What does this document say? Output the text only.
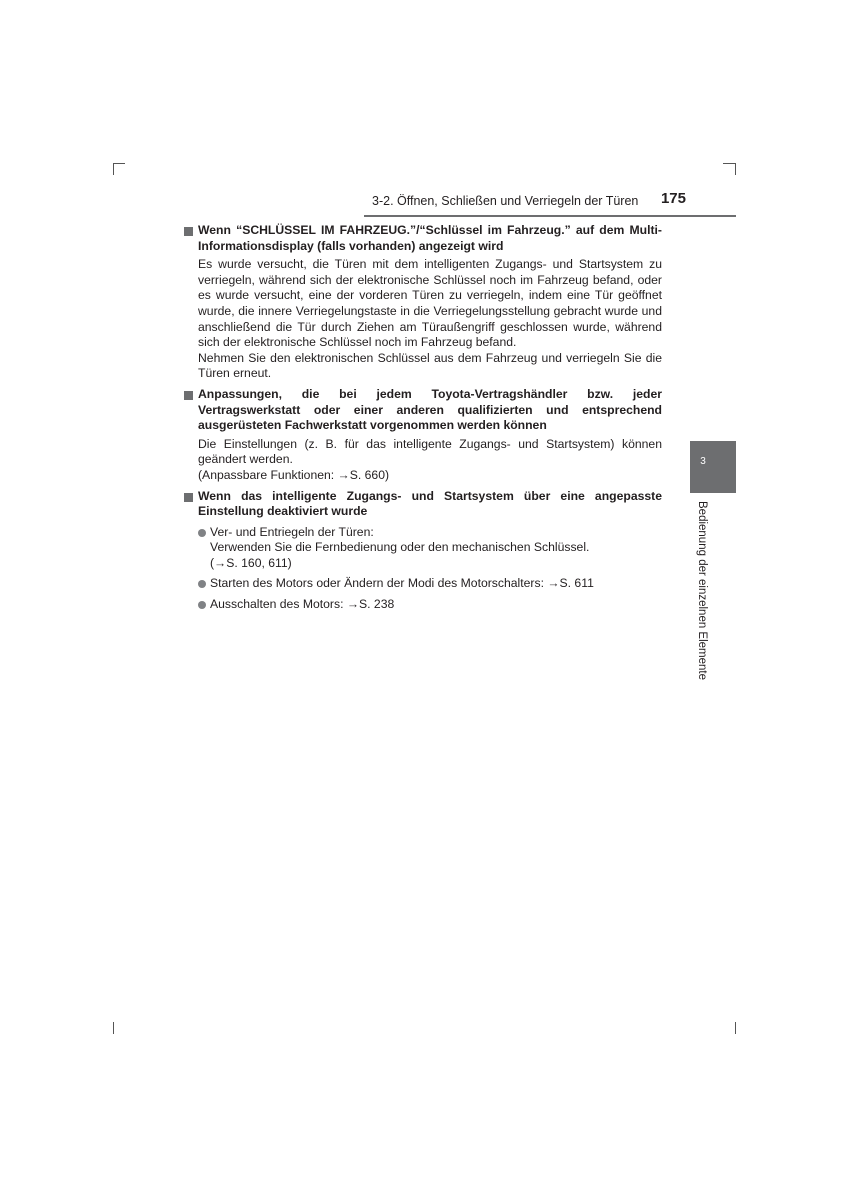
3-2. Öffnen, Schließen und Verriegeln der Türen	175
3
Bedienung der einzelnen Elemente

Wenn “SCHLÜSSEL IM FAHRZEUG.”/“Schlüssel im Fahrzeug.” auf dem Multi-Informationsdisplay (falls vorhanden) angezeigt wird

Es wurde versucht, die Türen mit dem intelligenten Zugangs- und Startsystem zu verriegeln, während sich der elektronische Schlüssel noch im Fahrzeug befand, oder es wurde versucht, eine der vorderen Türen zu verriegeln, indem eine Tür geöffnet wurde, die innere Verriegelungstaste in die Verriegelungsstellung gebracht wurde und anschließend die Tür durch Ziehen am Türaußengriff geschlossen wurde, während sich der elektronische Schlüssel noch im Fahrzeug befand.

Nehmen Sie den elektronischen Schlüssel aus dem Fahrzeug und verriegeln Sie die Türen erneut.

Anpassungen, die bei jedem Toyota-Vertragshändler bzw. jeder Vertragswerkstatt oder einer anderen qualifizierten und entsprechend ausgerüsteten Fachwerkstatt vorgenommen werden können

Die Einstellungen (z. B. für das intelligente Zugangs- und Startsystem) können geändert werden.

(Anpassbare Funktionen: →S. 660)

Wenn das intelligente Zugangs- und Startsystem über eine angepasste Einstellung deaktiviert wurde

Ver- und Entriegeln der Türen:

Verwenden Sie die Fernbedienung oder den mechanischen Schlüssel.

(→S. 160, 611)

Starten des Motors oder Ändern der Modi des Motorschalters: →S. 611

Ausschalten des Motors: →S. 238
